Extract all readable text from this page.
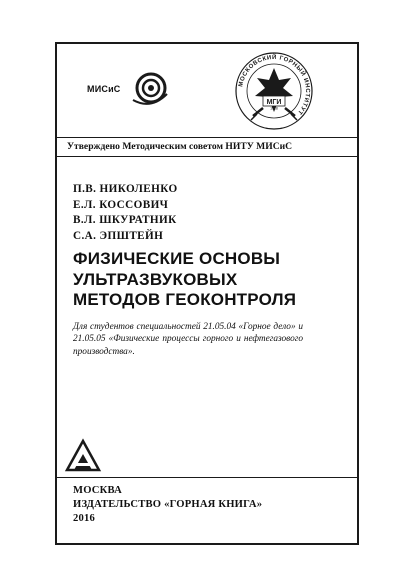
МИСиС	МОСКОВСКИЙ ГОРНЫЙ ИНСТИТУТ
МГИ
1918
Утверждено Методическим советом НИТУ МИСиС
П.В. НИКОЛЕНКО
Е.Л. КОССОВИЧ
В.Л. ШКУРАТНИК
С.А. ЭПШТЕЙН
ФИЗИЧЕСКИЕ ОСНОВЫ
УЛЬТРАЗВУКОВЫХ
МЕТОДОВ ГЕОКОНТРОЛЯ
Для студентов специальностей 21.05.04 «Горное дело» и 21.05.05 «Физические процессы горного и нефтегазового производства».
МОСКВА
ИЗДАТЕЛЬСТВО «ГОРНАЯ КНИГА»
2016
